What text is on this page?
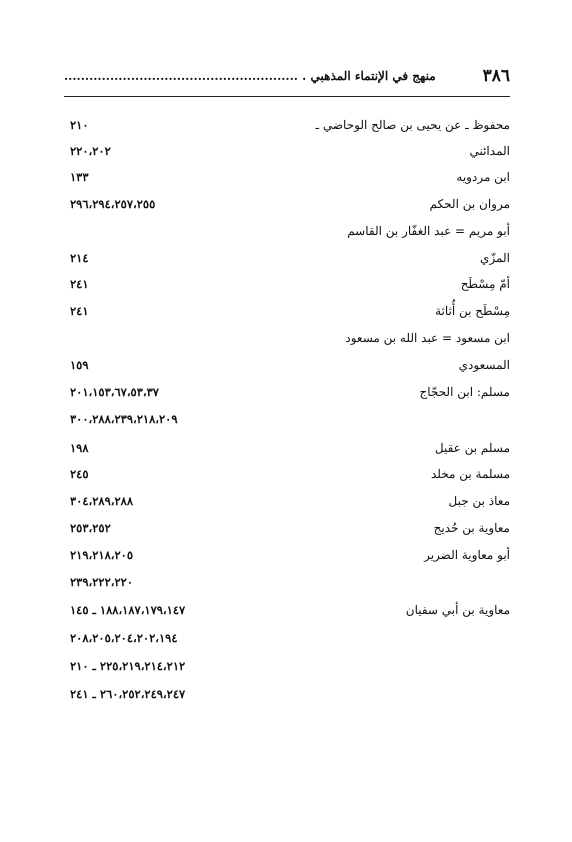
٣٨٦
منهج في الإنتماء المذهبي . ........................................................
محفوظ ـ عن يحيى بن صالح الوحاضي ـ
٢١٠
المدائني
٢٢٠،٢٠٢
ابن مردويه
١٣٣
مروان بن الحكم
٢٩٦،٢٩٤،٢٥٧،٢٥٥
أبو مريم = عبد الغفّار بن القاسم
المزّي
٢١٤
أمّ مِسْطَح
٢٤١
مِسْطَح بن أُثاثة
٢٤١
ابن مسعود = عبد الله بن مسعود
المسعودي
١٥٩
مسلم: ابن الحجّاج
٢٠١،١٥٣،٦٧،٥٣،٣٧
٣٠٠،٢٨٨،٢٣٩،٢١٨،٢٠٩
مسلم بن عقيل
١٩٨
مسلمة بن مخلد
٢٤٥
معاذ بن جبل
٣٠٤،٢٨٩،٢٨٨
معاوية بن حُديج
٢٥٣،٢٥٢
أبو معاوية الضرير
٢١٩،٢١٨،٢٠٥
٢٣٩،٢٢٢،٢٢٠
معاوية بن أبي سفيان
١٨٨،١٨٧،١٧٩،١٤٧ ـ ١٤٥
٢٠٨،٢٠٥،٢٠٤،٢٠٢،١٩٤
٢٢٥،٢١٩،٢١٤،٢١٢ ـ ٢١٠
٢٦٠،٢٥٢،٢٤٩،٢٤٧ ـ ٢٤١
